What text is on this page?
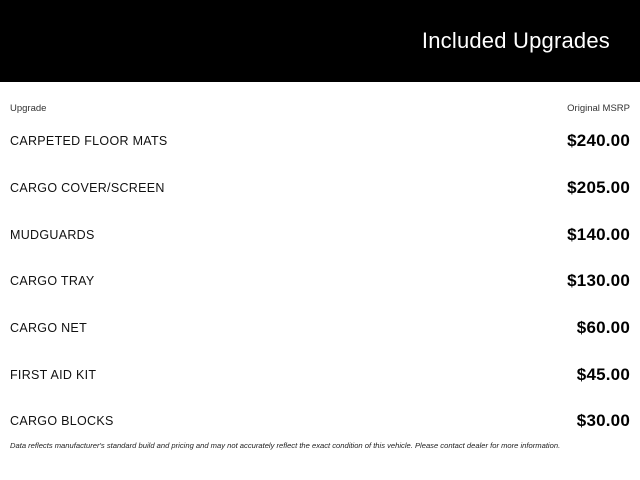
Included Upgrades
Upgrade	Original MSRP
CARPETED FLOOR MATS	$240.00
CARGO COVER/SCREEN	$205.00
MUDGUARDS	$140.00
CARGO TRAY	$130.00
CARGO NET	$60.00
FIRST AID KIT	$45.00
CARGO BLOCKS	$30.00
Data reflects manufacturer's standard build and pricing and may not accurately reflect the exact condition of this vehicle. Please contact dealer for more information.
